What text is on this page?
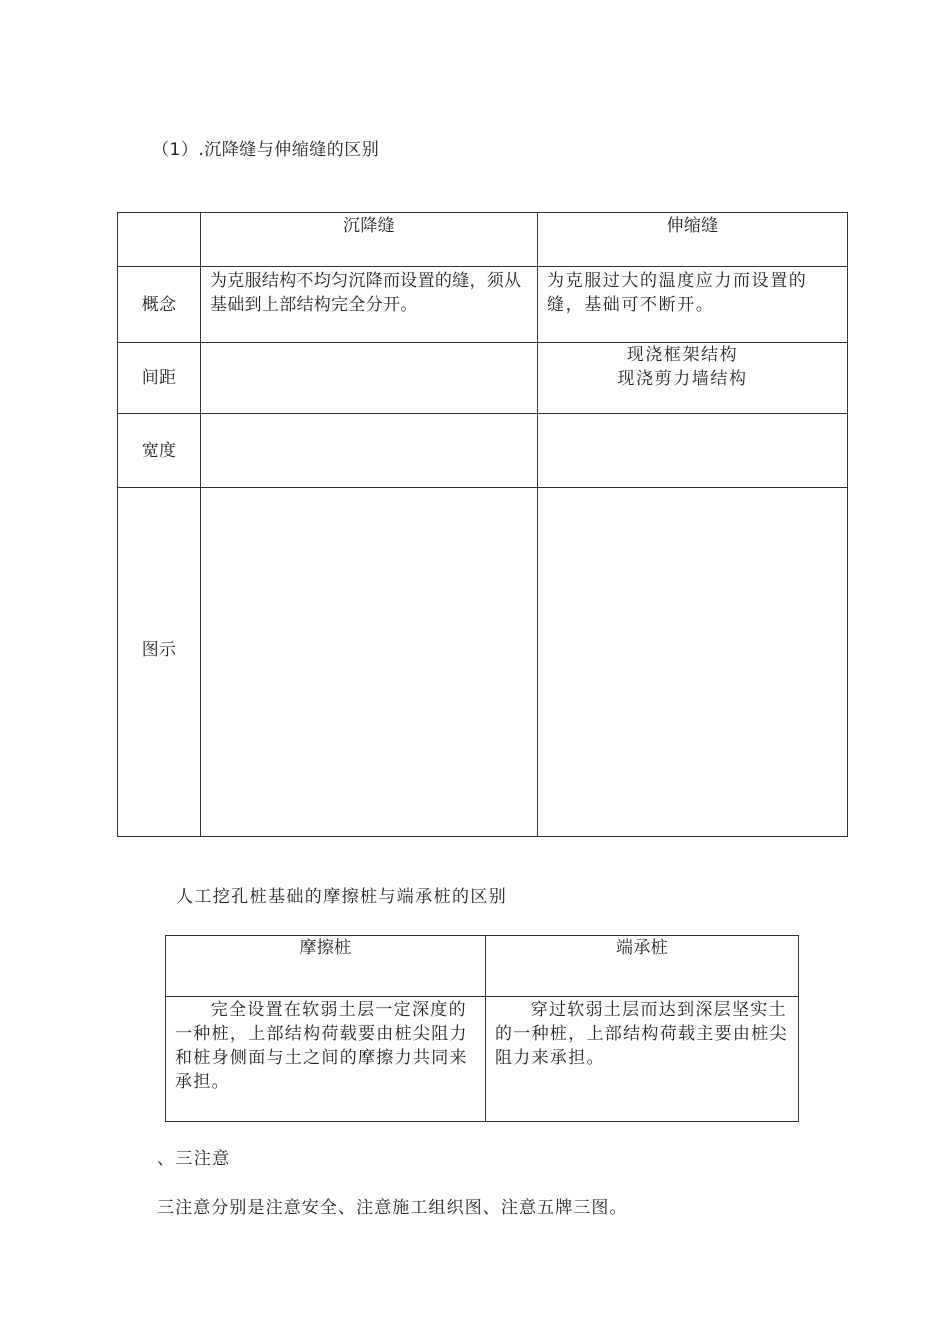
（1）.沉降缝与伸缩缝的区别
	沉降缝	伸缩缝
概念	为克服结构不均匀沉降而设置的缝，须从基础到上部结构完全分开。	为克服过大的温度应力而设置的缝，基础可不断开。
间距		现浇框架结构
现浇剪力墙结构

宽度		
图示		
人工挖孔桩基础的摩擦桩与端承桩的区别
摩擦桩	端承桩
完全设置在软弱土层一定深度的一种桩，上部结构荷载要由桩尖阻力和桩身侧面与土之间的摩擦力共同来承担。	穿过软弱土层而达到深层坚实土的一种桩，上部结构荷载主要由桩尖阻力来承担。
、三注意
三注意分别是注意安全、注意施工组织图、注意五牌三图。
